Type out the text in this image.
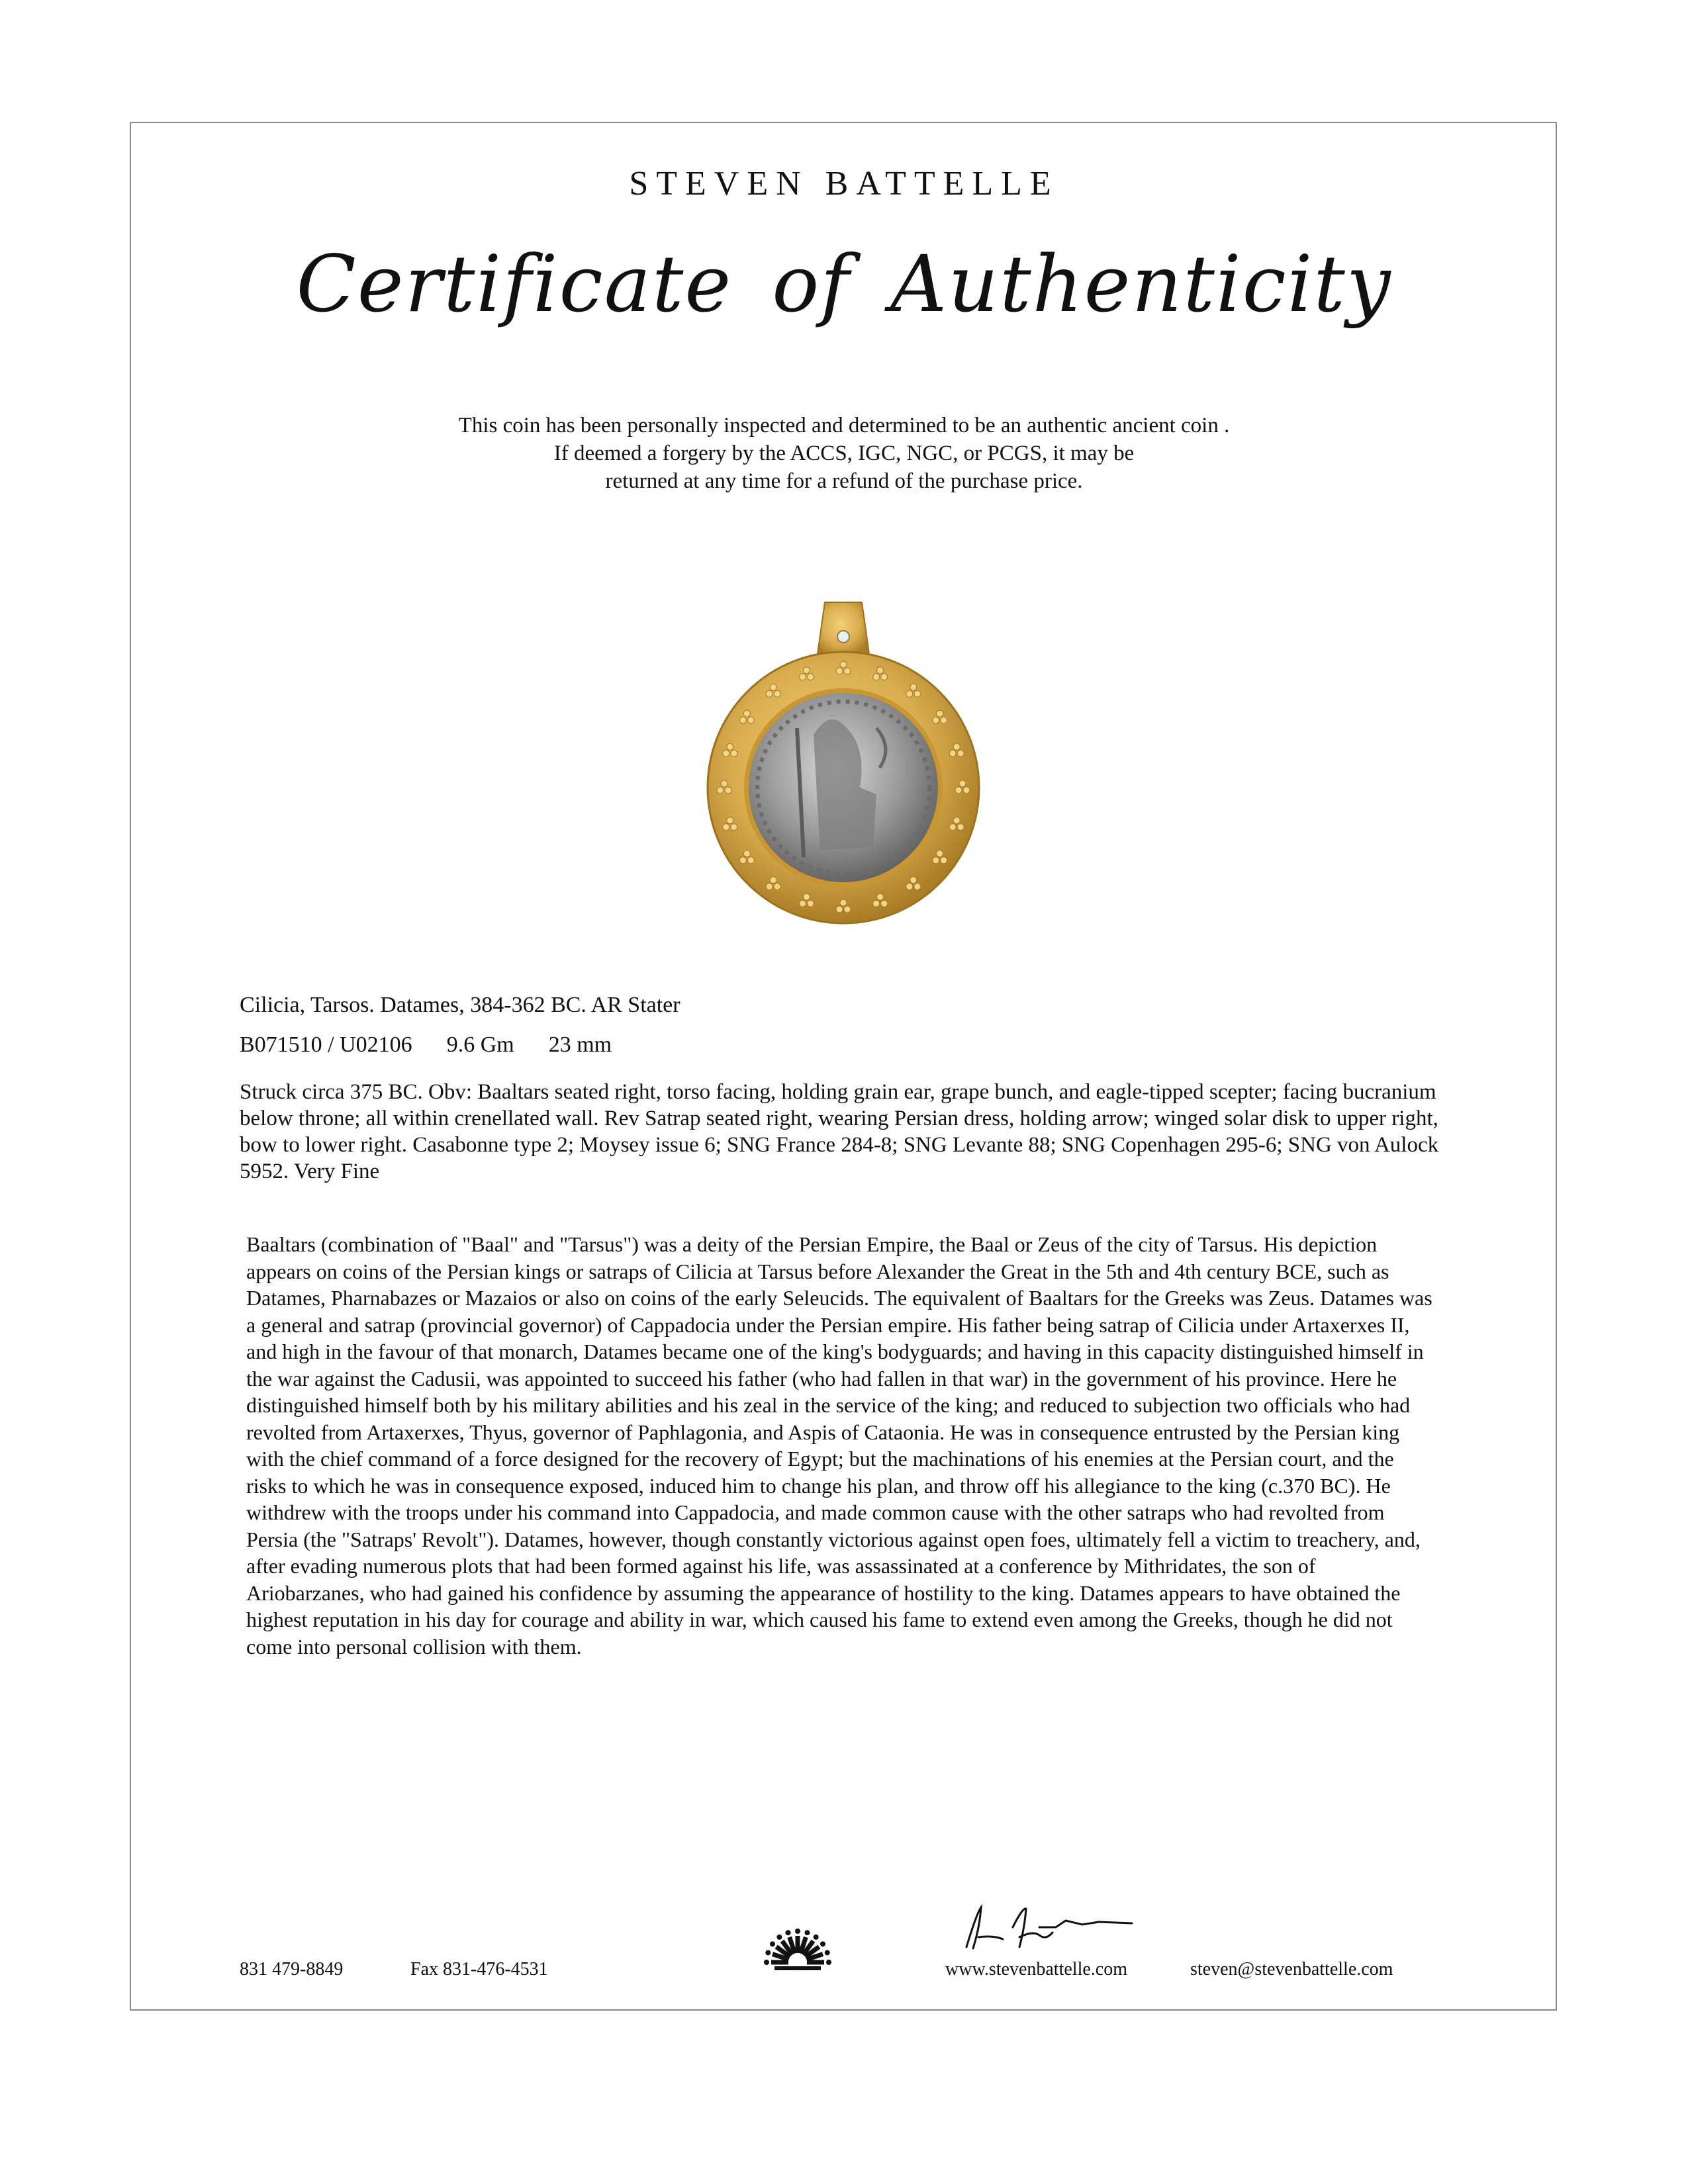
STEVEN BATTELLE
Certificate of Authenticity
This coin has been personally inspected and determined to be an authentic ancient coin .
If deemed a forgery by the ACCS, IGC, NGC, or PCGS, it may be
returned at any time for a refund of the purchase price.
Cilicia, Tarsos. Datames, 384-362 BC. AR Stater
B071510 / U02106 9.6 Gm 23 mm
Struck circa 375 BC. Obv: Baaltars seated right, torso facing, holding grain ear, grape bunch, and eagle-tipped scepter; facing bucranium below throne; all within crenellated wall. Rev Satrap seated right, wearing Persian dress, holding arrow; winged solar disk to upper right, bow to lower right. Casabonne type 2; Moysey issue 6; SNG France 284-8; SNG Levante 88; SNG Copenhagen 295-6; SNG von Aulock 5952. Very Fine
Baaltars (combination of "Baal" and "Tarsus") was a deity of the Persian Empire, the Baal or Zeus of the city of Tarsus. His depiction appears on coins of the Persian kings or satraps of Cilicia at Tarsus before Alexander the Great in the 5th and 4th century BCE, such as Datames, Pharnabazes or Mazaios or also on coins of the early Seleucids. The equivalent of Baaltars for the Greeks was Zeus. Datames was a general and satrap (provincial governor) of Cappadocia under the Persian empire. His father being satrap of Cilicia under Artaxerxes II, and high in the favour of that monarch, Datames became one of the king's bodyguards; and having in this capacity distinguished himself in the war against the Cadusii, was appointed to succeed his father (who had fallen in that war) in the government of his province. Here he distinguished himself both by his military abilities and his zeal in the service of the king; and reduced to subjection two officials who had revolted from Artaxerxes, Thyus, governor of Paphlagonia, and Aspis of Cataonia. He was in consequence entrusted by the Persian king with the chief command of a force designed for the recovery of Egypt; but the machinations of his enemies at the Persian court, and the risks to which he was in consequence exposed, induced him to change his plan, and throw off his allegiance to the king (c.370 BC). He withdrew with the troops under his command into Cappadocia, and made common cause with the other satraps who had revolted from Persia (the "Satraps' Revolt"). Datames, however, though constantly victorious against open foes, ultimately fell a victim to treachery, and, after evading numerous plots that had been formed against his life, was assassinated at a conference by Mithridates, the son of Ariobarzanes, who had gained his confidence by assuming the appearance of hostility to the king. Datames appears to have obtained the highest reputation in his day for courage and ability in war, which caused his fame to extend even among the Greeks, though he did not come into personal collision with them.
831 479-8849	Fax 831-476-4531	www.stevenbattelle.com	steven@stevenbattelle.com
